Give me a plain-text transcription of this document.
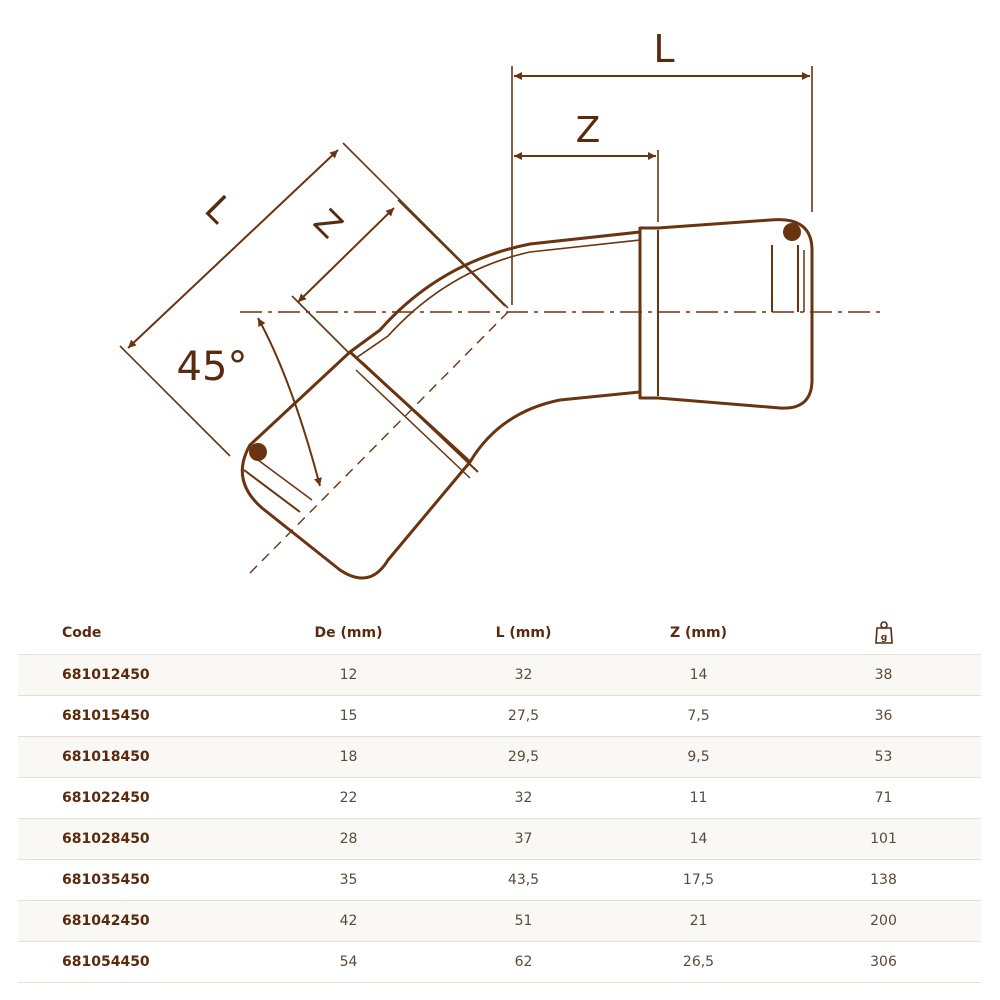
L
Z
L Z
45°
Code	De (mm)	L (mm)	Z (mm)	g

681012450	12	32	14	38
681015450	15	27,5	7,5	36
681018450	18	29,5	9,5	53
681022450	22	32	11	71
681028450	28	37	14	101
681035450	35	43,5	17,5	138
681042450	42	51	21	200
681054450	54	62	26,5	306
